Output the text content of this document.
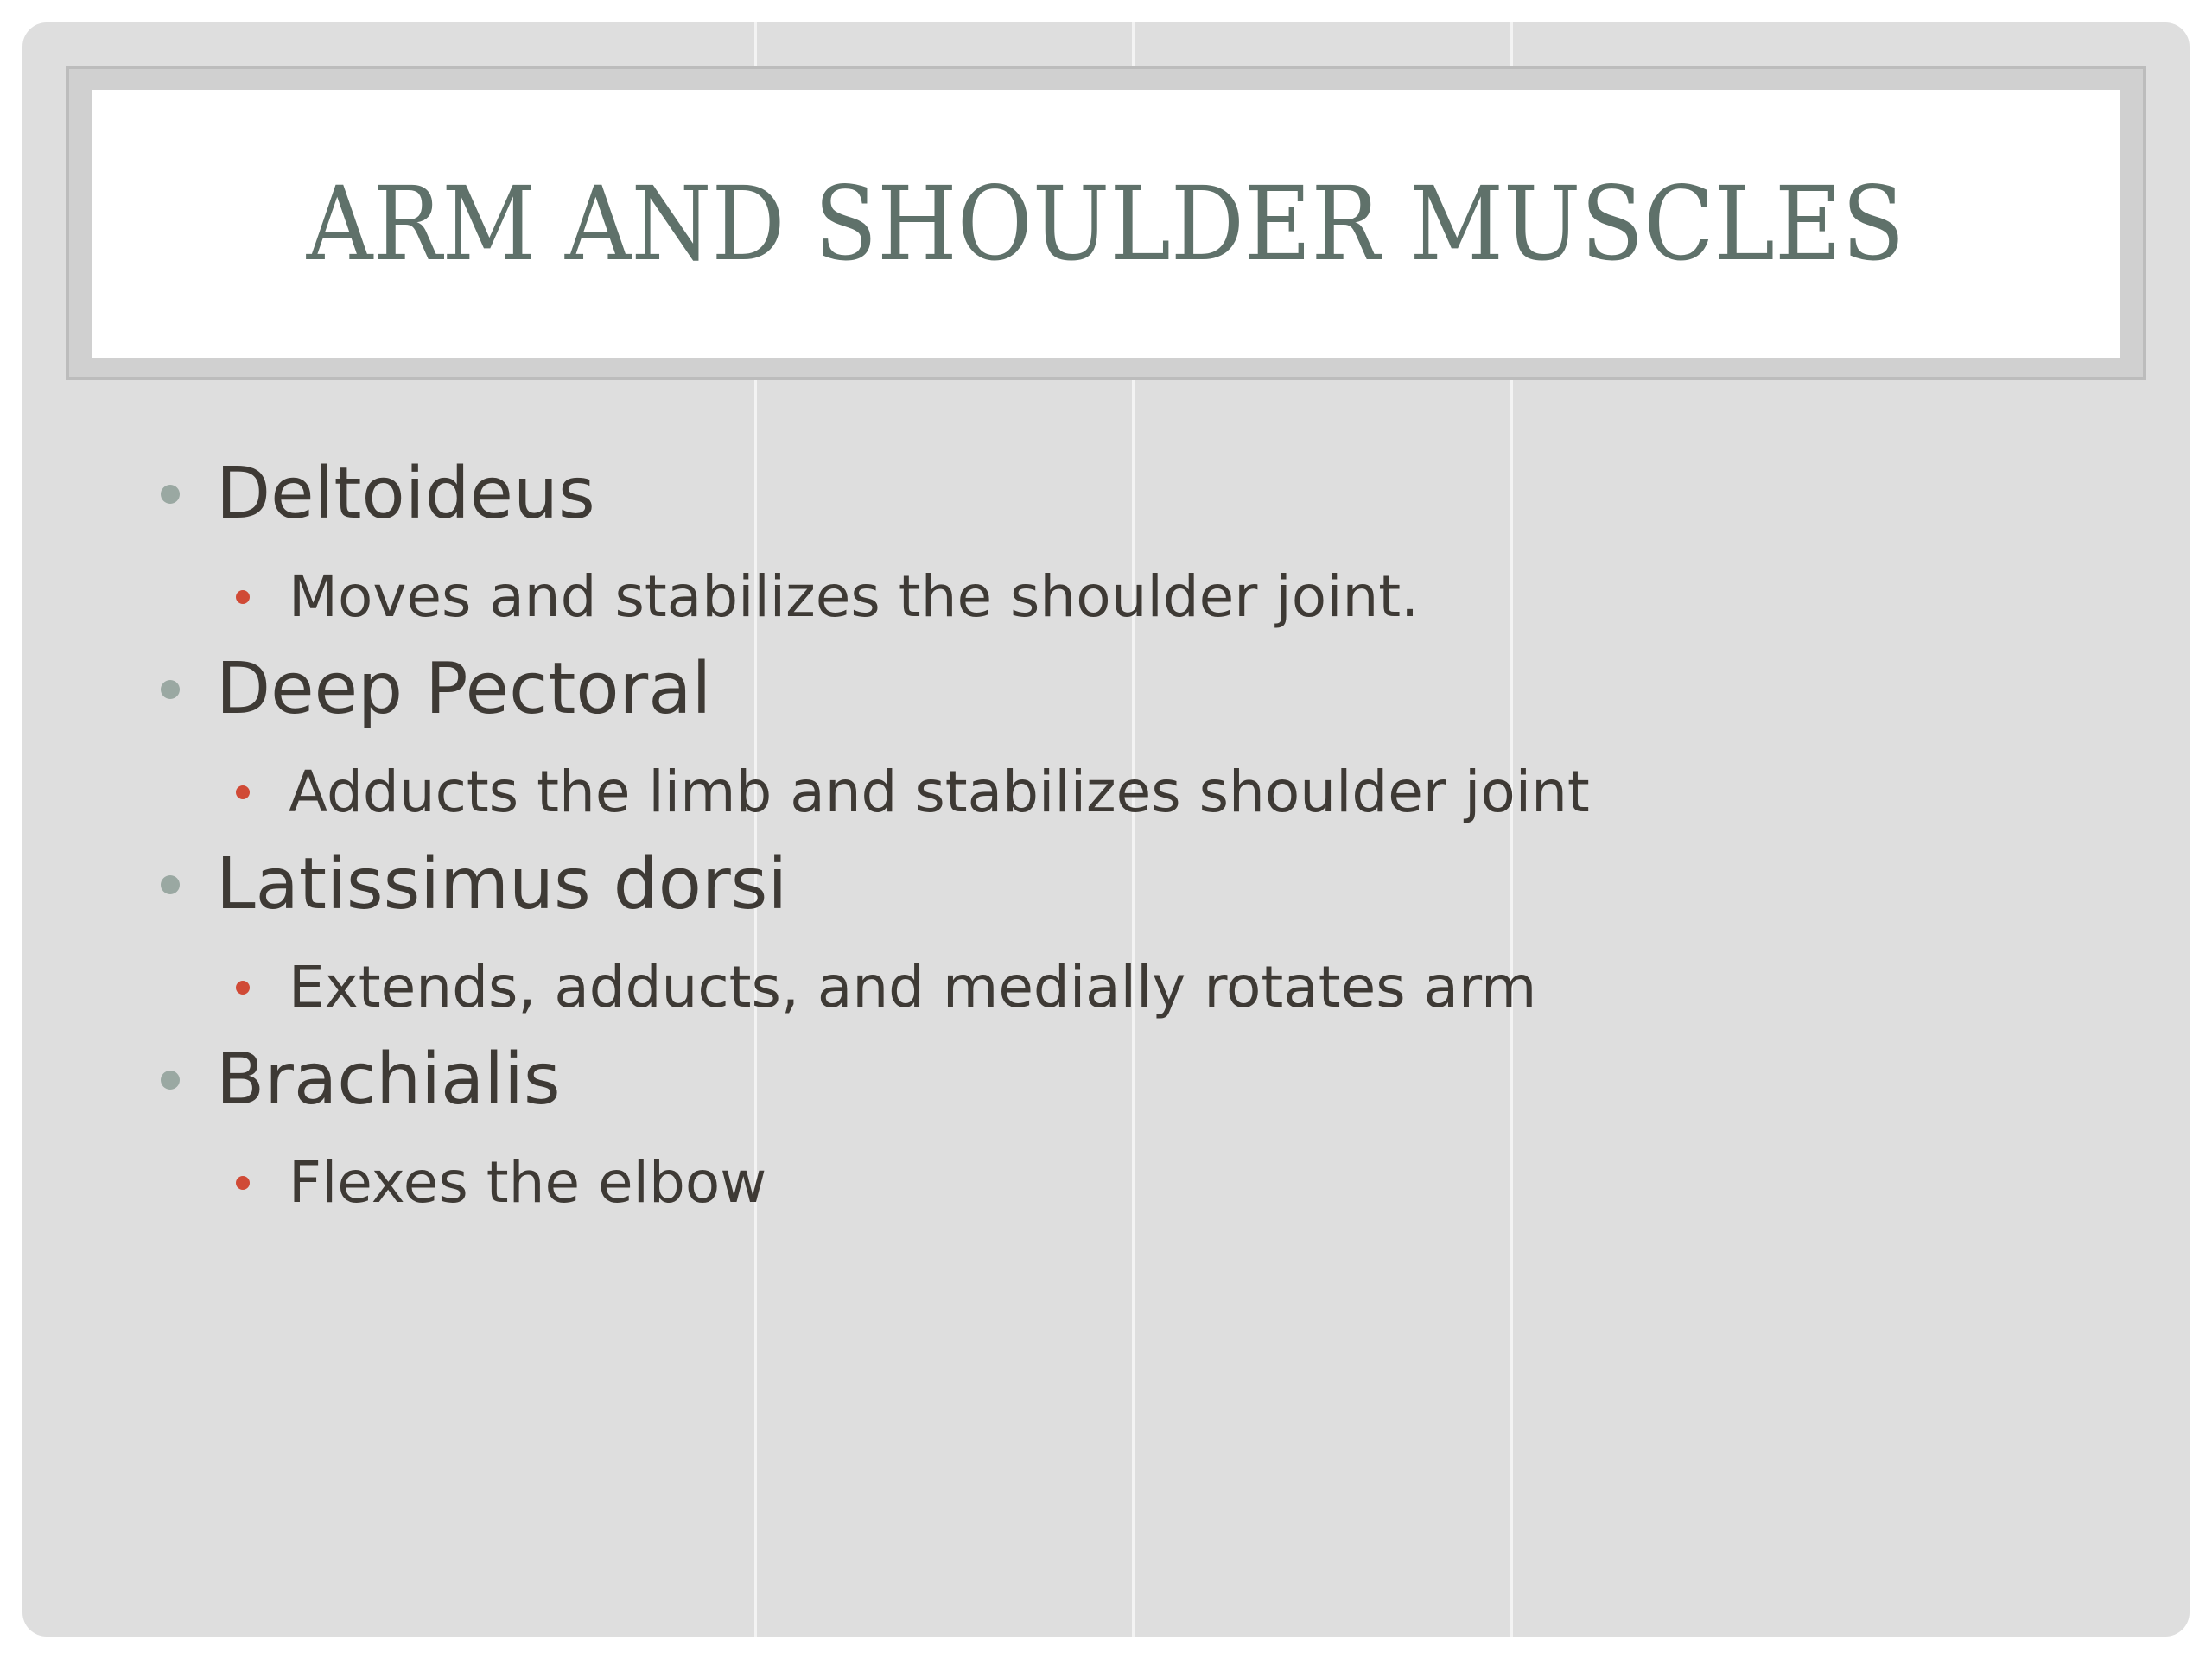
ARM AND SHOULDER MUSCLES
Deltoideus
Moves and stabilizes the shoulder joint.
Deep Pectoral
Adducts the limb and stabilizes shoulder joint
Latissimus dorsi
Extends, adducts, and medially rotates arm
Brachialis
Flexes the elbow
